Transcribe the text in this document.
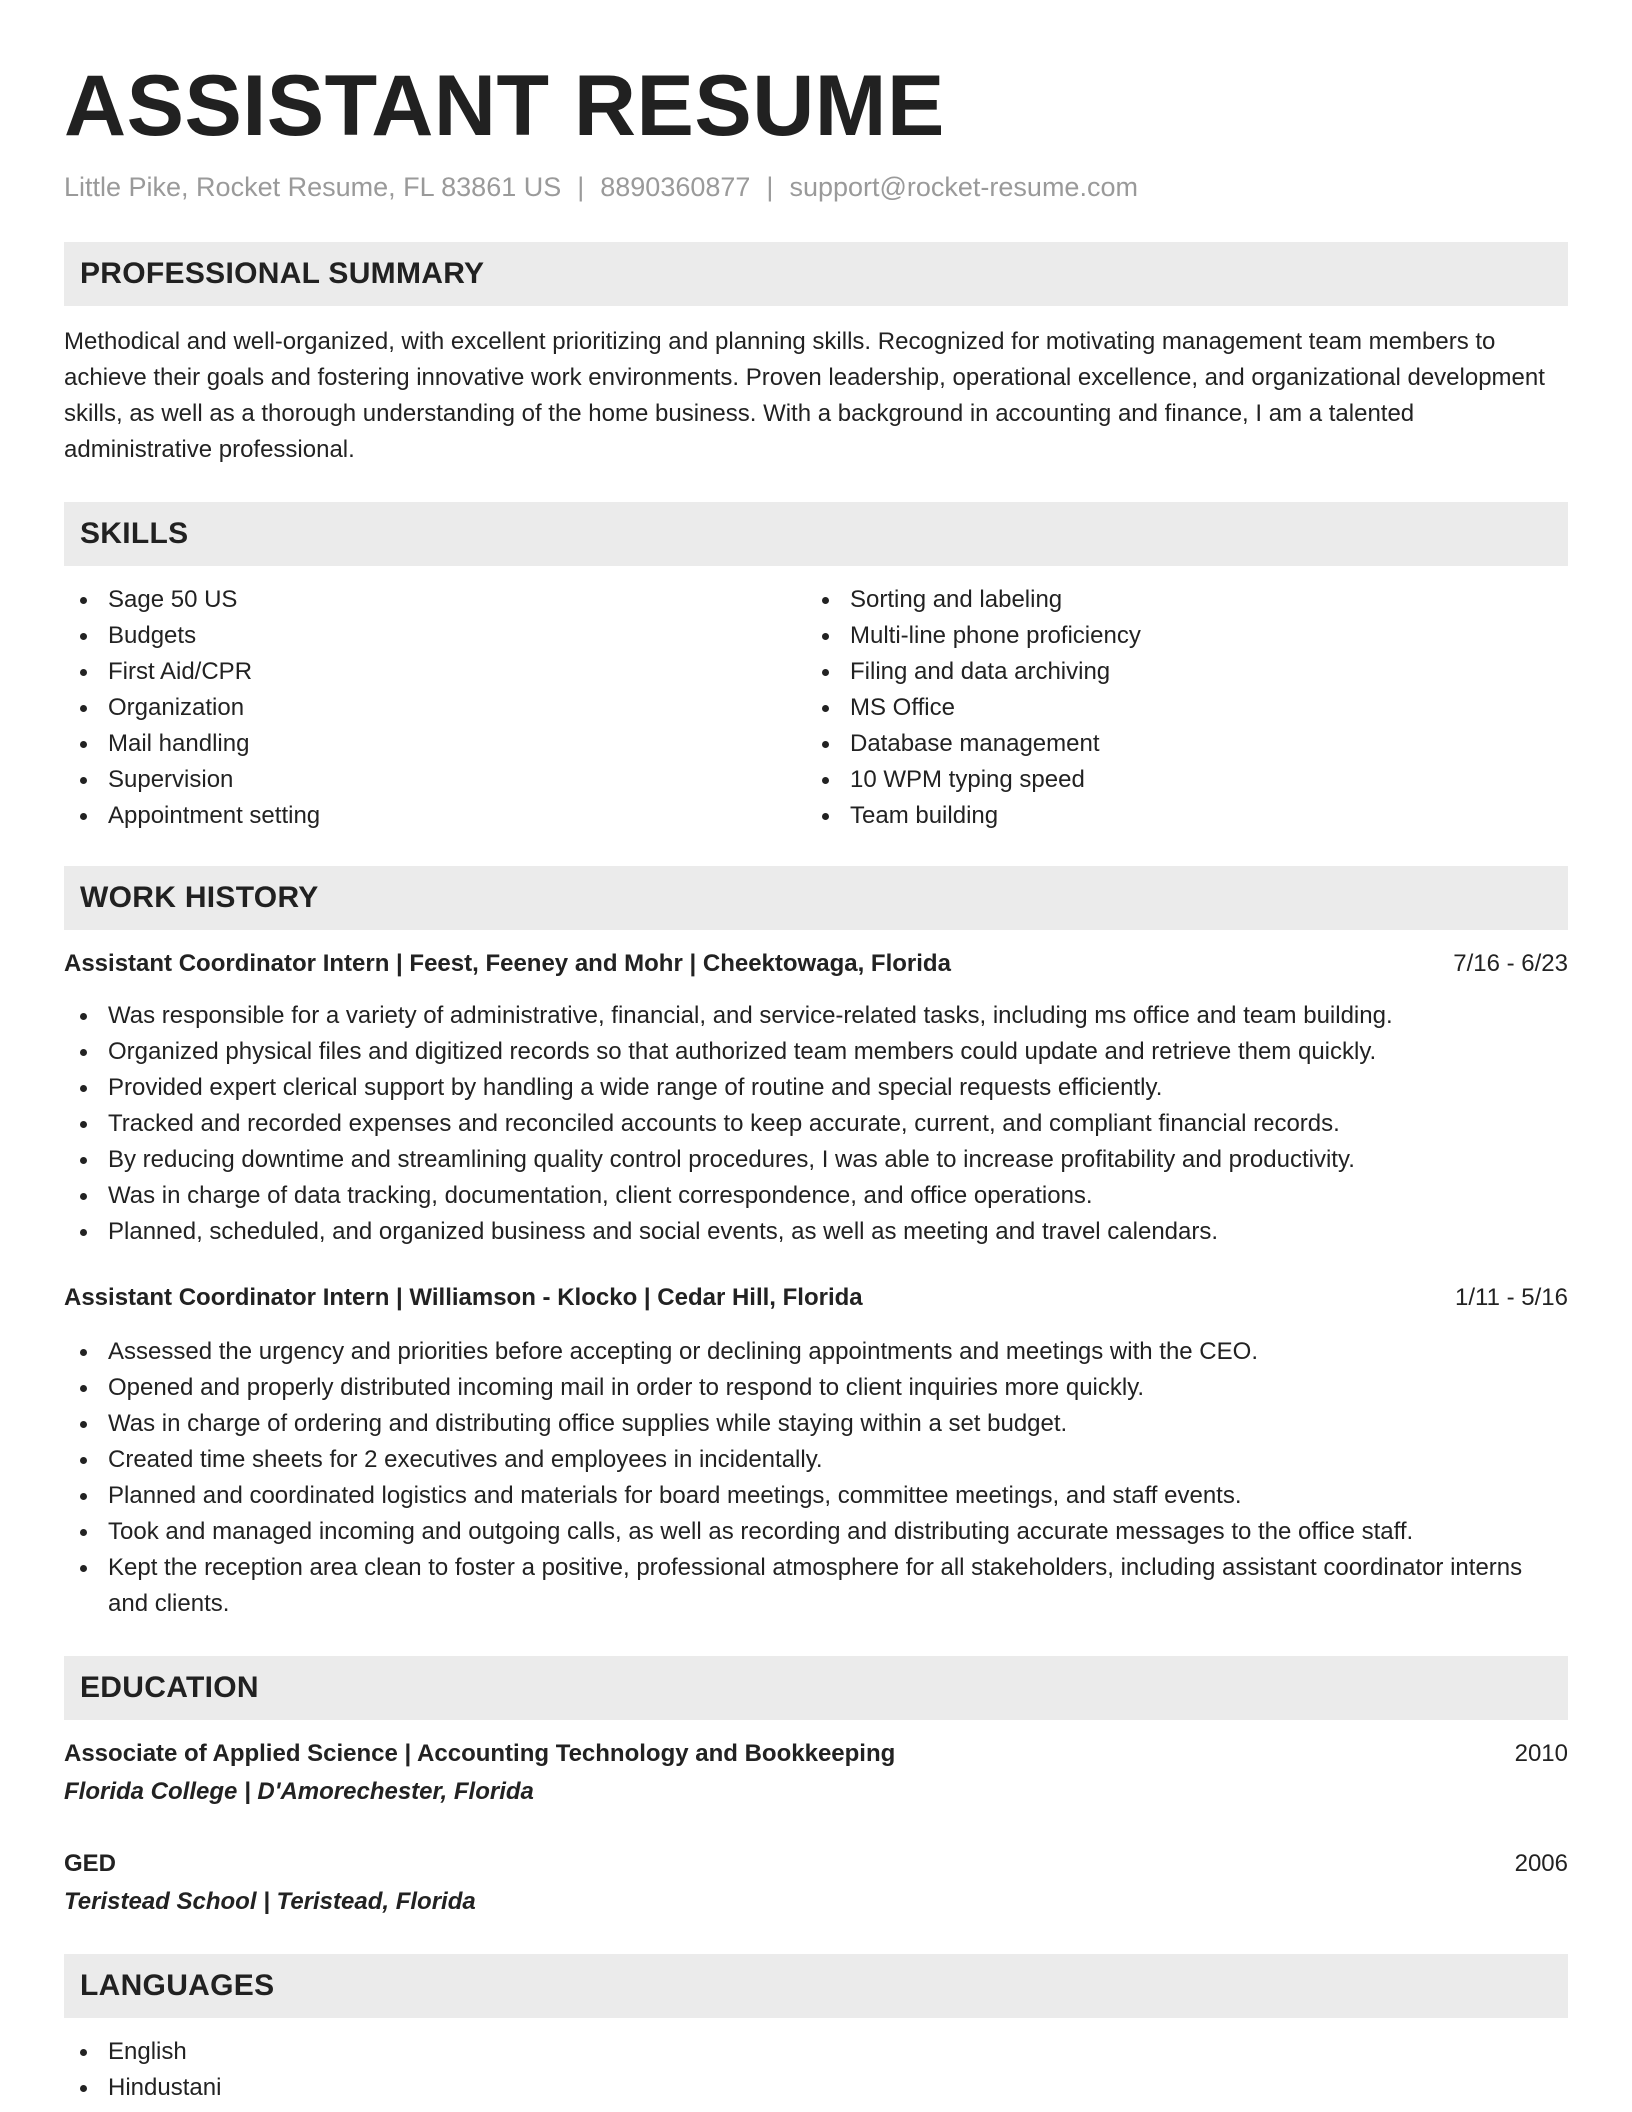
ASSISTANT RESUME
Little Pike, Rocket Resume, FL 83861 US | 8890360877 | support@rocket-resume.com
PROFESSIONAL SUMMARY
Methodical and well-organized, with excellent prioritizing and planning skills. Recognized for motivating management team members to achieve their goals and fostering innovative work environments. Proven leadership, operational excellence, and organizational development skills, as well as a thorough understanding of the home business. With a background in accounting and finance, I am a talented administrative professional.
SKILLS
Sage 50 US
Budgets
First Aid/CPR
Organization
Mail handling
Supervision
Appointment setting
Sorting and labeling
Multi-line phone proficiency
Filing and data archiving
MS Office
Database management
10 WPM typing speed
Team building
WORK HISTORY
Assistant Coordinator Intern | Feest, Feeney and Mohr | Cheektowaga, Florida	7/16 - 6/23
Was responsible for a variety of administrative, financial, and service-related tasks, including ms office and team building.
Organized physical files and digitized records so that authorized team members could update and retrieve them quickly.
Provided expert clerical support by handling a wide range of routine and special requests efficiently.
Tracked and recorded expenses and reconciled accounts to keep accurate, current, and compliant financial records.
By reducing downtime and streamlining quality control procedures, I was able to increase profitability and productivity.
Was in charge of data tracking, documentation, client correspondence, and office operations.
Planned, scheduled, and organized business and social events, as well as meeting and travel calendars.
Assistant Coordinator Intern | Williamson - Klocko | Cedar Hill, Florida	1/11 - 5/16
Assessed the urgency and priorities before accepting or declining appointments and meetings with the CEO.
Opened and properly distributed incoming mail in order to respond to client inquiries more quickly.
Was in charge of ordering and distributing office supplies while staying within a set budget.
Created time sheets for 2 executives and employees in incidentally.
Planned and coordinated logistics and materials for board meetings, committee meetings, and staff events.
Took and managed incoming and outgoing calls, as well as recording and distributing accurate messages to the office staff.
Kept the reception area clean to foster a positive, professional atmosphere for all stakeholders, including assistant coordinator interns and clients.
EDUCATION
Associate of Applied Science | Accounting Technology and Bookkeeping	2010
Florida College | D'Amorechester, Florida
GED	2006
Teristead School | Teristead, Florida
LANGUAGES
English
Hindustani
